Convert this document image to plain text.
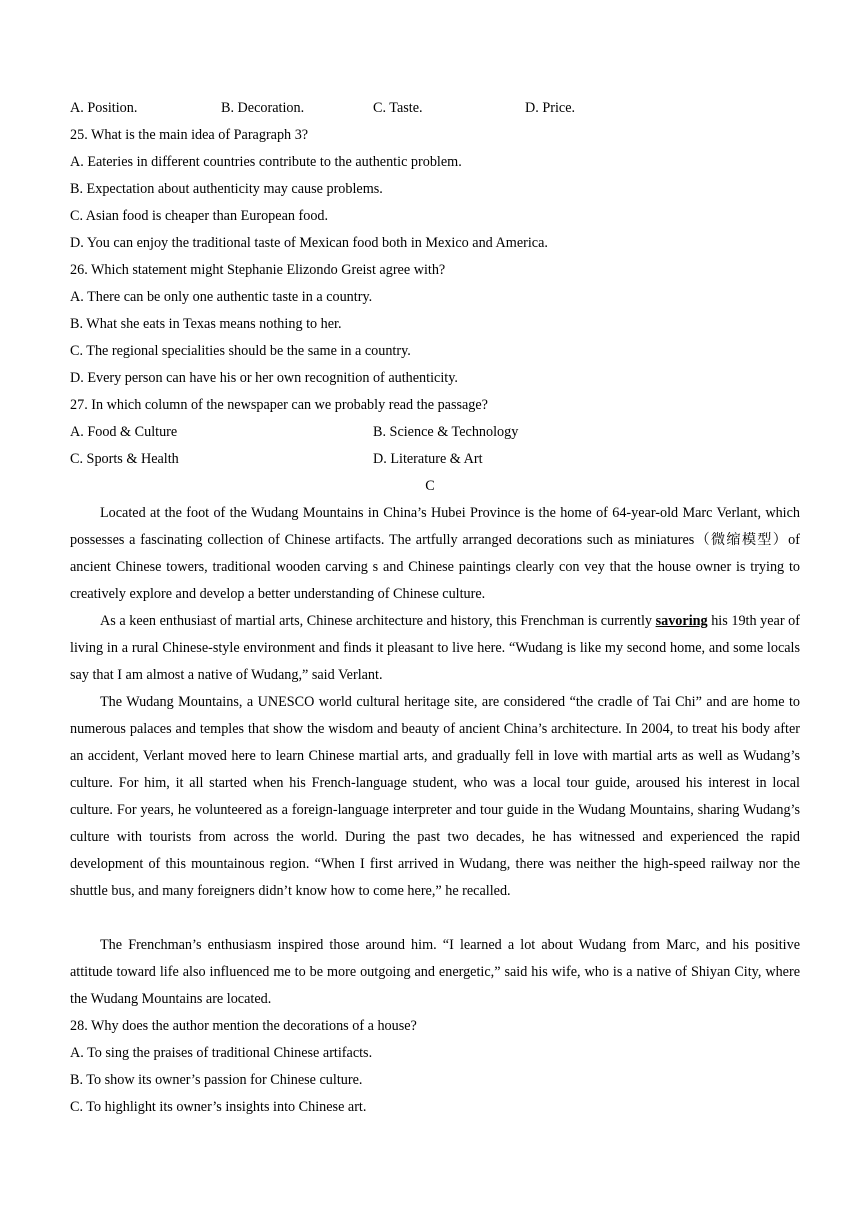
A. Position.	B. Decoration.	C. Taste.	D. Price.
25. What is the main idea of Paragraph 3?
A. Eateries in different countries contribute to the authentic problem.
B. Expectation about authenticity may cause problems.
C. Asian food is cheaper than European food.
D. You can enjoy the traditional taste of Mexican food both in Mexico and America.
26. Which statement might Stephanie Elizondo Greist agree with?
A. There can be only one authentic taste in a country.
B. What she eats in Texas means nothing to her.
C. The regional specialities should be the same in a country.
D. Every person can have his or her own recognition of authenticity.
27. In which column of the newspaper can we probably read the passage?
A. Food & Culture	B. Science & Technology
C. Sports & Health	D. Literature & Art
C

Located at the foot of the Wudang Mountains in China’s Hubei Province is the home of 64-year-old Marc Verlant, which possesses a fascinating collection of Chinese artifacts. The artfully arranged decorations such as miniatures（微缩模型）of ancient Chinese towers, traditional wooden carving s and Chinese paintings clearly con vey that the house owner is trying to creatively explore and develop a better understanding of Chinese culture.

As a keen enthusiast of martial arts, Chinese architecture and history, this Frenchman is currently savoring his 19th year of living in a rural Chinese-style environment and finds it pleasant to live here. “Wudang is like my second home, and some locals say that I am almost a native of Wudang,” said Verlant.

The Wudang Mountains, a UNESCO world cultural heritage site, are considered “the cradle of Tai Chi” and are home to numerous palaces and temples that show the wisdom and beauty of ancient China’s architecture. In 2004, to treat his body after an accident, Verlant moved here to learn Chinese martial arts, and gradually fell in love with martial arts as well as Wudang’s culture. For him, it all started when his French-language student, who was a local tour guide, aroused his interest in local culture. For years, he volunteered as a foreign-language interpreter and tour guide in the Wudang Mountains, sharing Wudang’s culture with tourists from across the world. During the past two decades, he has witnessed and experienced the rapid development of this mountainous region. “When I first arrived in Wudang, there was neither the high-speed railway nor the shuttle bus, and many foreigners didn’t know how to come here,” he recalled.

The Frenchman’s enthusiasm inspired those around him. “I learned a lot about Wudang from Marc, and his positive attitude toward life also influenced me to be more outgoing and energetic,” said his wife, who is a native of Shiyan City, where the Wudang Mountains are located.

28. Why does the author mention the decorations of a house?
A. To sing the praises of traditional Chinese artifacts.
B. To show its owner’s passion for Chinese culture.
C. To highlight its owner’s insights into Chinese art.
